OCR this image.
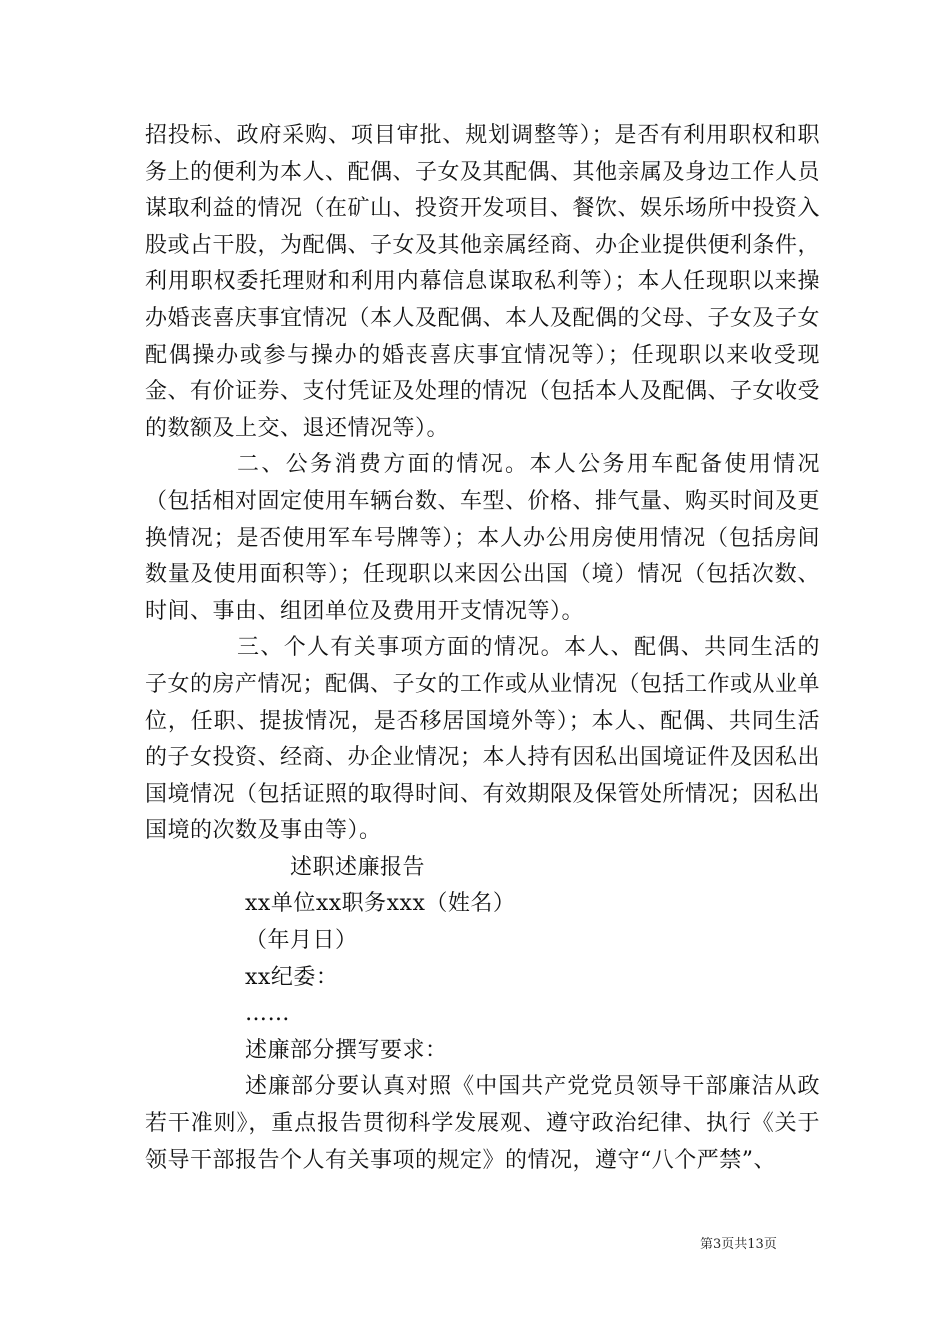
招投标、政府采购、项目审批、规划调整等）；是否有利用职权和职务上的便利为本人、配偶、子女及其配偶、其他亲属及身边工作人员谋取利益的情况（在矿山、投资开发项目、餐饮、娱乐场所中投资入股或占干股，为配偶、子女及其他亲属经商、办企业提供便利条件，利用职权委托理财和利用内幕信息谋取私利等）；本人任现职以来操办婚丧喜庆事宜情况（本人及配偶、本人及配偶的父母、子女及子女配偶操办或参与操办的婚丧喜庆事宜情况等）；任现职以来收受现金、有价证券、支付凭证及处理的情况（包括本人及配偶、子女收受的数额及上交、退还情况等）。

二、公务消费方面的情况。本人公务用车配备使用情况（包括相对固定使用车辆台数、车型、价格、排气量、购买时间及更换情况；是否使用军车号牌等）；本人办公用房使用情况（包括房间数量及使用面积等）；任现职以来因公出国（境）情况（包括次数、时间、事由、组团单位及费用开支情况等）。

三、个人有关事项方面的情况。本人、配偶、共同生活的子女的房产情况；配偶、子女的工作或从业情况（包括工作或从业单位，任职、提拔情况，是否移居国境外等）；本人、配偶、共同生活的子女投资、经商、办企业情况；本人持有因私出国境证件及因私出国境情况（包括证照的取得时间、有效期限及保管处所情况；因私出国境的次数及事由等）。

述职述廉报告

xx单位xx职务xxx（姓名）

（年月日）

xx纪委：

……

述廉部分撰写要求：

述廉部分要认真对照《中国共产党党员领导干部廉洁从政若干准则》，重点报告贯彻科学发展观、遵守政治纪律、执行《关于领导干部报告个人有关事项的规定》的情况，遵守“八个严禁”、

第3页共13页
